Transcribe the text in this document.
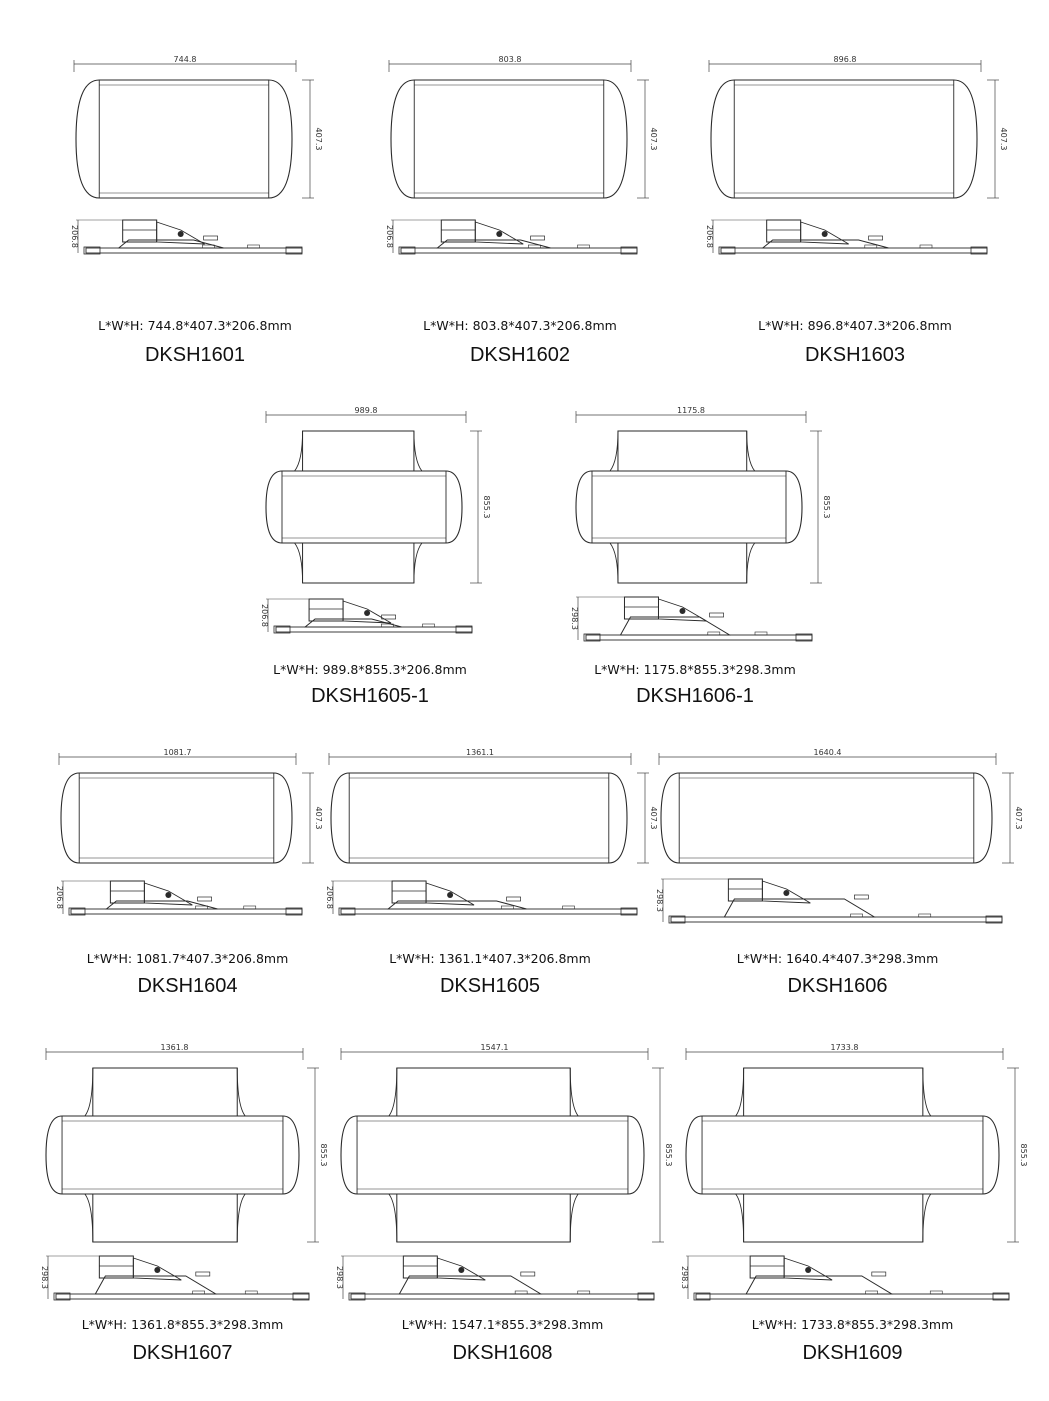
744.8
407.3
206.8
L*W*H: 744.8*407.3*206.8mm
DKSH1601
803.8
407.3
206.8
L*W*H: 803.8*407.3*206.8mm
DKSH1602
896.8
407.3
206.8
L*W*H: 896.8*407.3*206.8mm
DKSH1603
989.8
855.3
206.8
L*W*H: 989.8*855.3*206.8mm
DKSH1605-1
1175.8
855.3
298.3
L*W*H: 1175.8*855.3*298.3mm
DKSH1606-1
1081.7
407.3
206.8
L*W*H: 1081.7*407.3*206.8mm
DKSH1604
1361.1
407.3
206.8
L*W*H: 1361.1*407.3*206.8mm
DKSH1605
1640.4
407.3
298.3
L*W*H: 1640.4*407.3*298.3mm
DKSH1606
1361.8
855.3
298.3
L*W*H: 1361.8*855.3*298.3mm
DKSH1607
1547.1
855.3
298.3
L*W*H: 1547.1*855.3*298.3mm
DKSH1608
1733.8
855.3
298.3
L*W*H: 1733.8*855.3*298.3mm
DKSH1609
